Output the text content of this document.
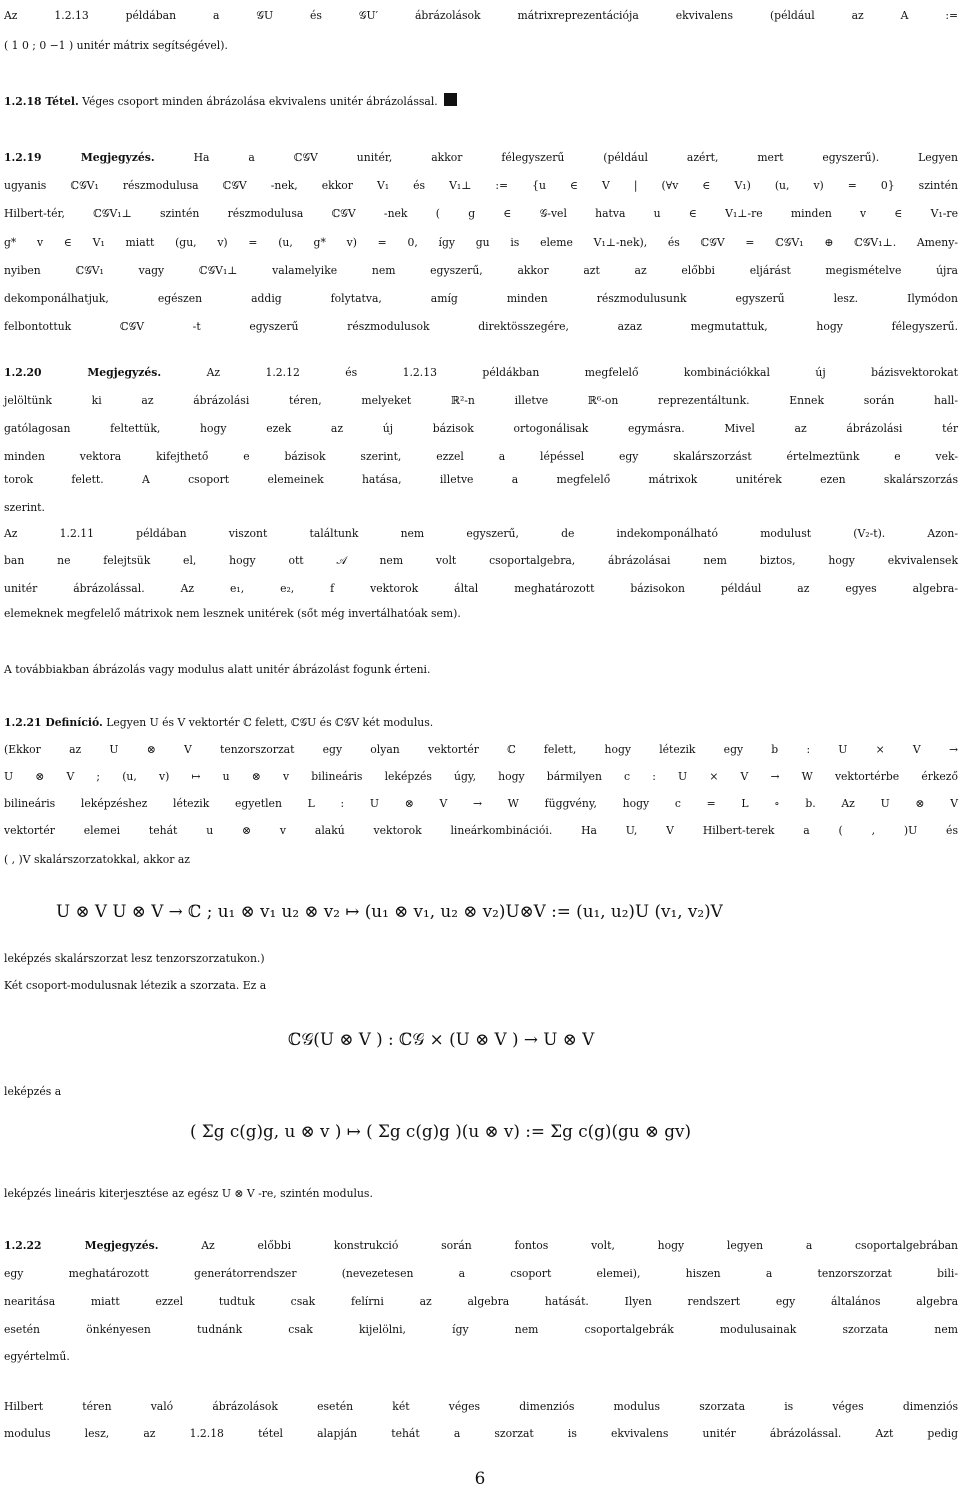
Az 1.2.13 példában a 𝒢U és 𝒢U′ ábrázolások mátrixreprezentációja ekvivalens (például az A :=
( 1 0 ; 0 −1 ) unitér mátrix segítségével).
1.2.18 Tétel. Véges csoport minden ábrázolása ekvivalens unitér ábrázolással.
1.2.19 Megjegyzés.	Ha a ℂ𝒢V unitér, akkor félegyszerű (például azért, mert egyszerű). Legyen
ugyanis ℂ𝒢V₁ részmodulusa ℂ𝒢V -nek, ekkor V₁ és V₁⊥ := {u ∈ V | (∀v ∈ V₁) (u, v) = 0} szintén
Hilbert-tér, ℂ𝒢V₁⊥ szintén részmodulusa ℂ𝒢V -nek ( g ∈ 𝒢-vel hatva u ∈ V₁⊥-re minden v ∈ V₁-re
g* v ∈ V₁ miatt (gu, v) = (u, g* v) = 0, így gu is eleme V₁⊥-nek), és ℂ𝒢V = ℂ𝒢V₁ ⊕ ℂ𝒢V₁⊥. Ameny-
nyiben ℂ𝒢V₁ vagy ℂ𝒢V₁⊥ valamelyike nem egyszerű, akkor azt az előbbi eljárást megismételve újra
dekomponálhatjuk, egészen addig folytatva, amíg minden részmodulusunk egyszerű lesz. Ilymódon
felbontottuk ℂ𝒢V -t egyszerű részmodulusok direktösszegére, azaz megmutattuk, hogy félegyszerű.
1.2.20 Megjegyzés.	Az 1.2.12 és 1.2.13 példákban megfelelő kombinációkkal új bázisvektorokat
jelöltünk ki az ábrázolási téren, melyeket ℝ²-n illetve ℝ⁶-on reprezentáltunk. Ennek során hall-
gatólagosan feltettük, hogy ezek az új bázisok ortogonálisak egymásra. Mivel az ábrázolási tér
minden vektora kifejthető e bázisok szerint, ezzel a lépéssel egy skalárszorzást értelmeztünk e vek-
torok felett. A csoport elemeinek hatása, illetve a megfelelő mátrixok unitérek ezen skalárszorzás
szerint.
Az 1.2.11 példában viszont találtunk nem egyszerű, de indekomponálható modulust (V₂-t). Azon-
ban ne felejtsük el, hogy ott 𝒜 nem volt csoportalgebra, ábrázolásai nem biztos, hogy ekvivalensek
unitér ábrázolással. Az e₁, e₂, f vektorok által meghatározott bázisokon például az egyes algebra-
elemeknek megfelelő mátrixok nem lesznek unitérek (sőt még invertálhatóak sem).
A továbbiakban ábrázolás vagy modulus alatt unitér ábrázolást fogunk érteni.
1.2.21 Definíció. Legyen U és V vektortér ℂ felett, ℂ𝒢U és ℂ𝒢V két modulus.
(Ekkor az U ⊗ V tenzorszorzat egy olyan vektortér ℂ felett, hogy létezik egy b : U × V →
U ⊗ V ; (u, v) ↦ u ⊗ v bilineáris leképzés úgy, hogy bármilyen c : U × V → W vektortérbe érkező
bilineáris leképzéshez létezik egyetlen L : U ⊗ V → W függvény, hogy c = L ∘ b. Az U ⊗ V
vektortér elemei tehát u ⊗ v alakú vektorok lineárkombinációi. Ha U, V Hilbert-terek a ( , )U és
( , )V skalárszorzatokkal, akkor az
U ⊗ V U ⊗ V → ℂ ; u₁ ⊗ v₁ u₂ ⊗ v₂ ↦ (u₁ ⊗ v₁, u₂ ⊗ v₂)U⊗V := (u₁, u₂)U (v₁, v₂)V
leképzés skalárszorzat lesz tenzorszorzatukon.)
Két csoport-modulusnak létezik a szorzata. Ez a
ℂ𝒢(U ⊗ V ) : ℂ𝒢 × (U ⊗ V ) → U ⊗ V
leképzés a
( Σg c(g)g, u ⊗ v ) ↦ ( Σg c(g)g )(u ⊗ v) := Σg c(g)(gu ⊗ gv)
leképzés lineáris kiterjesztése az egész U ⊗ V -re, szintén modulus.
1.2.22 Megjegyzés.	Az előbbi konstrukció során fontos volt, hogy legyen a csoportalgebrában
egy meghatározott generátorrendszer (nevezetesen a csoport elemei), hiszen a tenzorszorzat bili-
nearitása miatt ezzel tudtuk csak felírni az algebra hatását. Ilyen rendszert egy általános algebra
esetén önkényesen tudnánk csak kijelölni, így nem csoportalgebrák modulusainak szorzata nem
egyértelmű.
Hilbert téren való ábrázolások esetén két véges dimenziós modulus szorzata is véges dimenziós
modulus lesz, az 1.2.18 tétel alapján tehát a szorzat is ekvivalens unitér ábrázolással. Azt pedig
6
